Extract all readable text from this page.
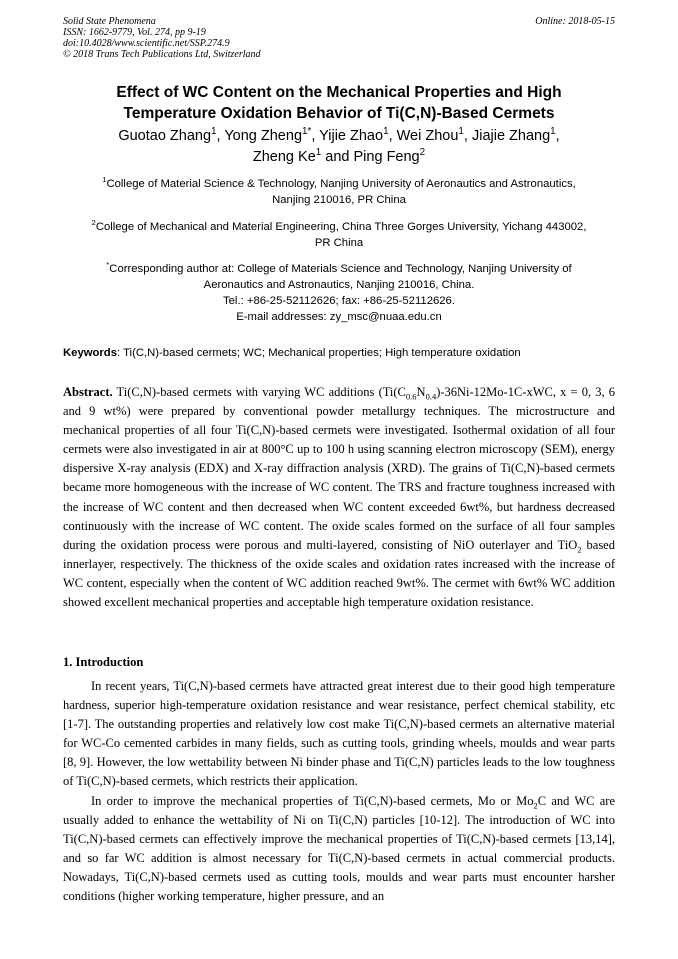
Solid State Phenomena
ISSN: 1662-9779, Vol. 274, pp 9-19
doi:10.4028/www.scientific.net/SSP.274.9
© 2018 Trans Tech Publications Ltd, Switzerland
Online: 2018-05-15
Effect of WC Content on the Mechanical Properties and High
Temperature Oxidation Behavior of Ti(C,N)-Based Cermets
Guotao Zhang$^1$, Yong Zheng$^{1*}$, Yijie Zhao$^1$, Wei Zhou$^1$, Jiajie Zhang$^1$,
Zheng Ke$^1$ and Ping Feng$^2$
$^1$College of Material Science & Technology, Nanjing University of Aeronautics and Astronautics,
Nanjing 210016, PR China
$^2$College of Mechanical and Material Engineering, China Three Gorges University, Yichang 443002,
PR China
*Corresponding author at: College of Materials Science and Technology, Nanjing University of
Aeronautics and Astronautics, Nanjing 210016, China.
Tel.: +86-25-52112626; fax: +86-25-52112626.
E-mail addresses: zy_msc@nuaa.edu.cn
Keywords: Ti(C,N)-based cermets; WC; Mechanical properties; High temperature oxidation
Abstract. Ti(C,N)-based cermets with varying WC additions ($Ti(C_{0.6}N_{0.4})-36Ni-12Mo-1C$-xWC, x = 0, 3, 6 and 9 wt%) were prepared by conventional powder metallurgy techniques. The microstructure and mechanical properties of all four Ti(C,N)-based cermets were investigated. Isothermal oxidation of all four cermets were also investigated in air at 800°C up to 100 h using scanning electron microscopy (SEM), energy dispersive X-ray analysis (EDX) and X-ray diffraction analysis (XRD). The grains of Ti(C,N)-based cermets became more homogeneous with the increase of WC content. The TRS and fracture toughness increased with the increase of WC content and then decreased when WC content exceeded 6wt%, but hardness decreased continuously with the increase of WC content. The oxide scales formed on the surface of all four samples during the oxidation process were porous and multi-layered, consisting of NiO outerlayer and TiO$_2$ based innerlayer, respectively. The thickness of the oxide scales and oxidation rates increased with the increase of WC content, especially when the content of WC addition reached 9wt%. The cermet with 6wt% WC addition showed excellent mechanical properties and acceptable high temperature oxidation resistance.
1. Introduction

In recent years, Ti(C,N)-based cermets have attracted great interest due to their good high temperature hardness, superior high-temperature oxidation resistance and wear resistance, perfect chemical stability, etc [1-7]. The outstanding properties and relatively low cost make Ti(C,N)-based cermets an alternative material for WC-Co cemented carbides in many fields, such as cutting tools, grinding wheels, moulds and wear parts [8, 9]. However, the low wettability between Ni binder phase and Ti(C,N) particles leads to the low toughness of Ti(C,N)-based cermets, which restricts their application.

In order to improve the mechanical properties of Ti(C,N)-based cermets, Mo or $Mo_2C$ and WC are usually added to enhance the wettability of Ni on Ti(C,N) particles [10-12]. The introduction of WC into Ti(C,N)-based cermets can effectively improve the mechanical properties of Ti(C,N)-based cermets [13,14], and so far WC addition is almost necessary for Ti(C,N)-based cermets in actual commercial products. Nowadays, Ti(C,N)-based cermets used as cutting tools, moulds and wear parts must encounter harsher conditions (higher working temperature, higher pressure, and an
